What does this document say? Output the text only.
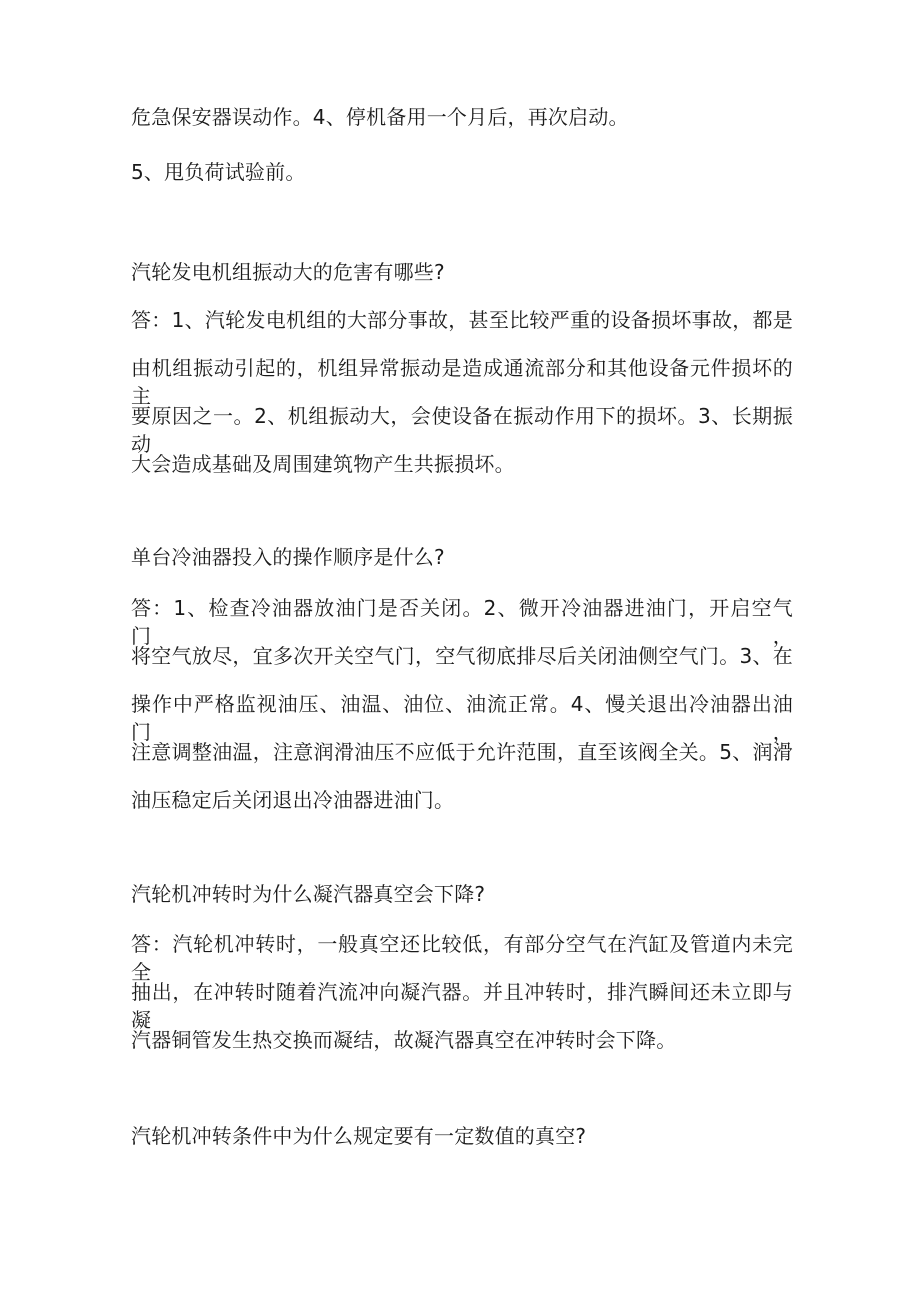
危急保安器误动作。4、停机备用一个月后，再次启动。
5、甩负荷试验前。
汽轮发电机组振动大的危害有哪些?
答：1、汽轮发电机组的大部分事故，甚至比较严重的设备损坏事故，都是
由机组振动引起的，机组异常振动是造成通流部分和其他设备元件损坏的主
要原因之一。2、机组振动大，会使设备在振动作用下的损坏。3、长期振动
大会造成基础及周围建筑物产生共振损坏。
单台冷油器投入的操作顺序是什么?
答：1、检查冷油器放油门是否关闭。2、微开冷油器进油门，开启空气门，
将空气放尽，宜多次开关空气门，空气彻底排尽后关闭油侧空气门。3、在
操作中严格监视油压、油温、油位、油流正常。4、慢关退出冷油器出油门，
注意调整油温，注意润滑油压不应低于允许范围，直至该阀全关。5、润滑
油压稳定后关闭退出冷油器进油门。
汽轮机冲转时为什么凝汽器真空会下降?
答：汽轮机冲转时，一般真空还比较低，有部分空气在汽缸及管道内未完全
抽出，在冲转时随着汽流冲向凝汽器。并且冲转时，排汽瞬间还未立即与凝
汽器铜管发生热交换而凝结，故凝汽器真空在冲转时会下降。
汽轮机冲转条件中为什么规定要有一定数值的真空?
